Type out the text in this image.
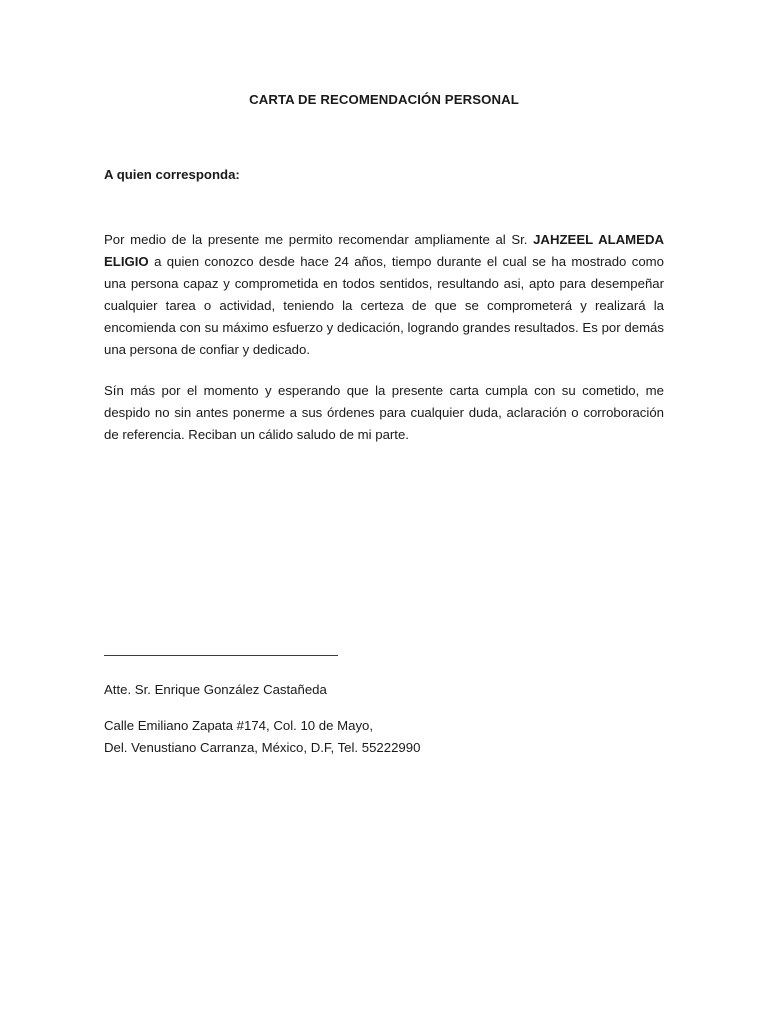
CARTA DE RECOMENDACIÓN PERSONAL

A quien corresponda:

Por medio de la presente me permito recomendar ampliamente al Sr. JAHZEEL ALAMEDA ELIGIO a quien conozco desde hace 24 años, tiempo durante el cual se ha mostrado como una persona capaz y comprometida en todos sentidos, resultando asi, apto para desempeñar cualquier tarea o actividad, teniendo la certeza de que se comprometerá y realizará la encomienda con su máximo esfuerzo y dedicación, logrando grandes resultados. Es por demás una persona de confiar y dedicado.

Sín más por el momento y esperando que la presente carta cumpla con su cometido, me despido no sin antes ponerme a sus órdenes para cualquier duda, aclaración o corroboración de referencia. Reciban un cálido saludo de mi parte.

Atte. Sr. Enrique González Castañeda

Calle Emiliano Zapata #174, Col. 10 de Mayo,

Del. Venustiano Carranza, México, D.F, Tel. 55222990
